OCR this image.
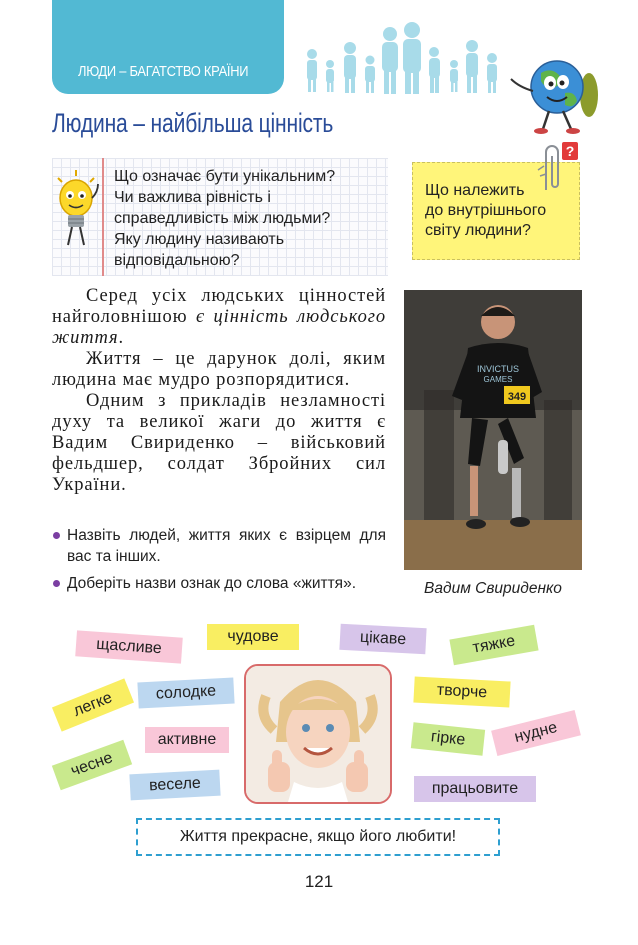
ЛЮДИ – БАГАТСТВО КРАЇНИ
Людина – найбільша цінність
Що означає бути унікальним?
Чи важлива рівність і
справедливість між людьми?
Яку людину називають
відповідальною?
Що належить
до внутрішнього
світу людини?
?

Серед усіх людських цінностей найголовнішою є цінність людського життя.

Життя – це дарунок долі, яким людина має мудро розпорядитися.

Одним з прикладів незламності духу та великої жаги до життя є Вадим Свириденко – військовий фельдшер, солдат Збройних сил України.

Назвіть людей, життя яких є взірцем для вас та інших.
Доберіть назви ознак до слова «життя».
INVICTUS
GAMES
349
Вадим Свириденко
щасливе	чудове	цікаве	тяжке
легке	солодке	творче
активне	гірке	нудне
чесне
веселе	працьовите
Життя прекрасне, якщо його любити!
121
